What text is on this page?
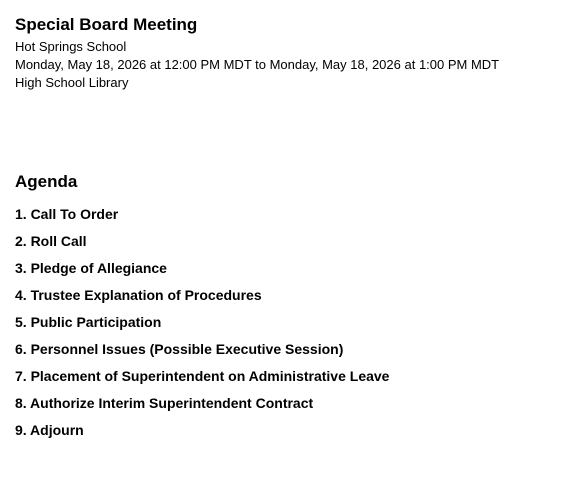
Special Board Meeting
Hot Springs School
Monday, May 18, 2026 at 12:00 PM MDT to Monday, May 18, 2026 at 1:00 PM MDT
High School Library
Agenda
1. Call To Order
2. Roll Call
3. Pledge of Allegiance
4. Trustee Explanation of Procedures
5. Public Participation
6. Personnel Issues (Possible Executive Session)
7. Placement of Superintendent on Administrative Leave
8. Authorize Interim Superintendent Contract
9. Adjourn
